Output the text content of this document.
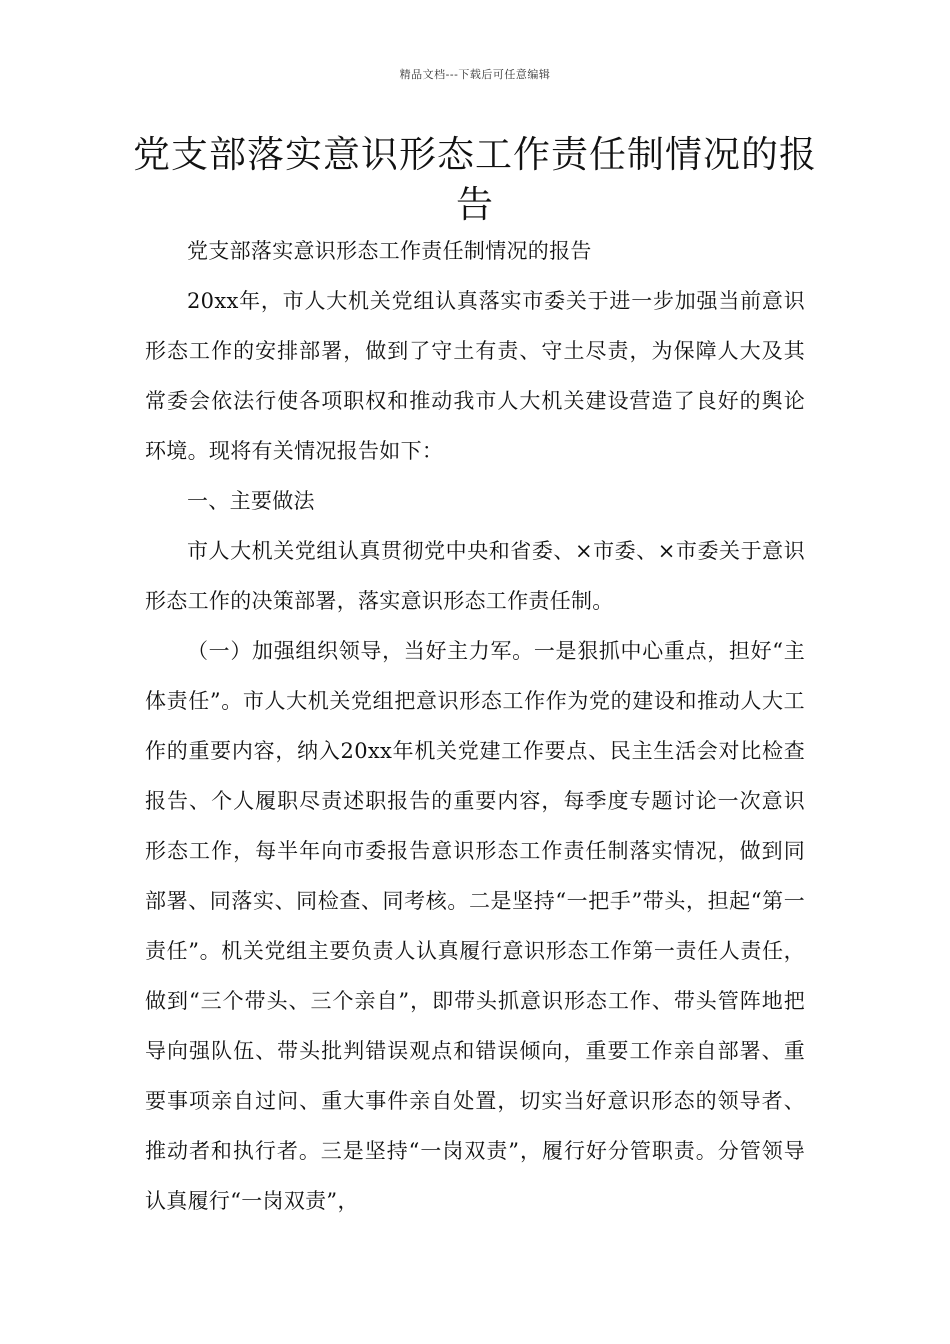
精品文档---下载后可任意编辑
党支部落实意识形态工作责任制情况的报告

党支部落实意识形态工作责任制情况的报告

20xx年，市人大机关党组认真落实市委关于进一步加强当前意识形态工作的安排部署，做到了守土有责、守土尽责，为保障人大及其常委会依法行使各项职权和推动我市人大机关建设营造了良好的舆论环境。现将有关情况报告如下：

一、主要做法

市人大机关党组认真贯彻党中央和省委、×市委、×市委关于意识形态工作的决策部署，落实意识形态工作责任制。

（一）加强组织领导，当好主力军。一是狠抓中心重点，担好“主体责任”。市人大机关党组把意识形态工作作为党的建设和推动人大工作的重要内容，纳入20xx年机关党建工作要点、民主生活会对比检查报告、个人履职尽责述职报告的重要内容，每季度专题讨论一次意识形态工作，每半年向市委报告意识形态工作责任制落实情况，做到同部署、同落实、同检查、同考核。二是坚持“一把手”带头，担起“第一责任”。机关党组主要负责人认真履行意识形态工作第一责任人责任，做到“三个带头、三个亲自”，即带头抓意识形态工作、带头管阵地把导向强队伍、带头批判错误观点和错误倾向，重要工作亲自部署、重要事项亲自过问、重大事件亲自处置，切实当好意识形态的领导者、推动者和执行者。三是坚持“一岗双责”，履行好分管职责。分管领导认真履行“一岗双责”，
